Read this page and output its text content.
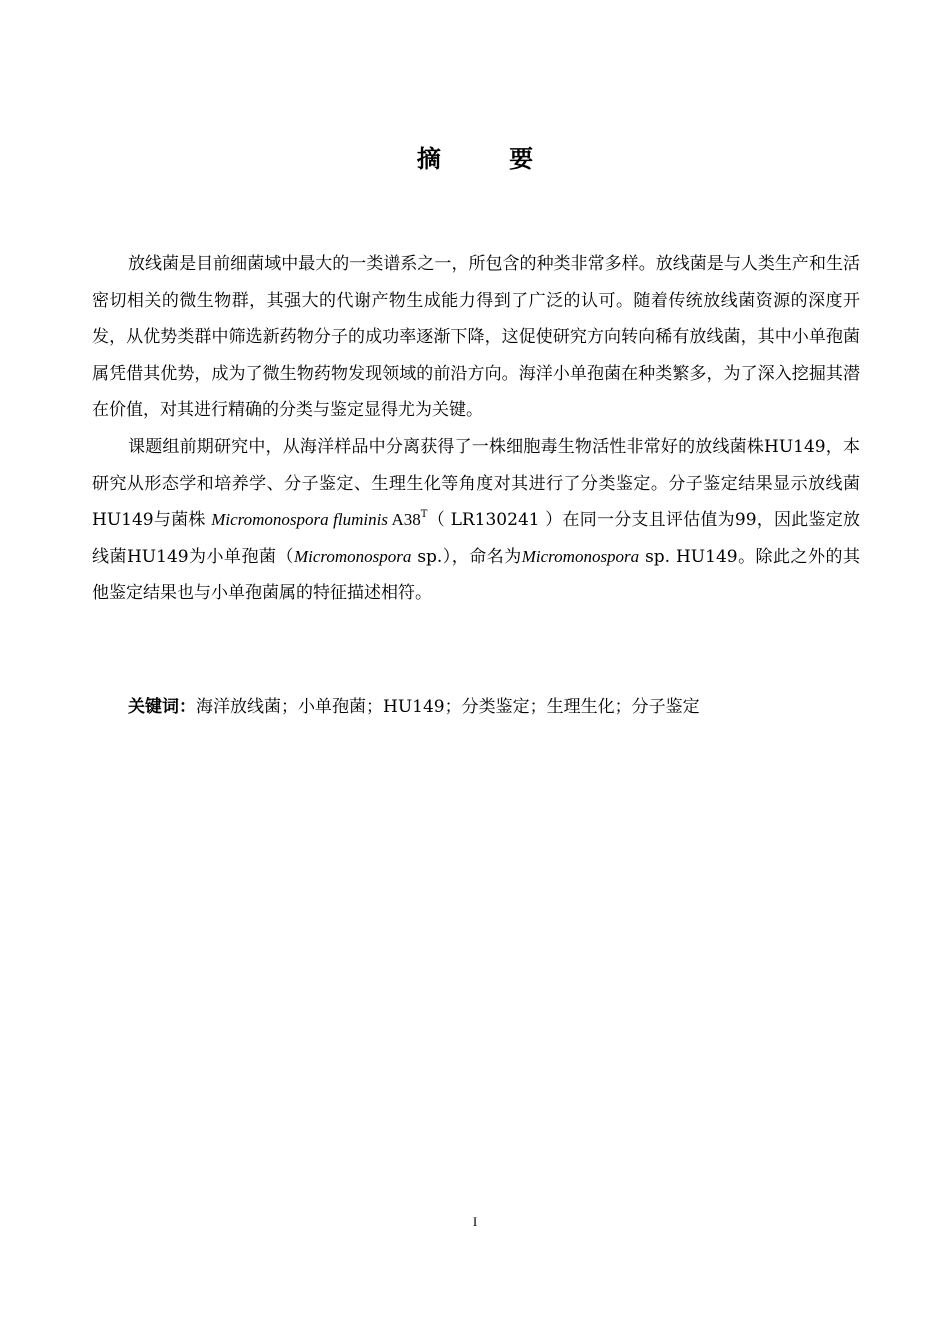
摘 要

放线菌是目前细菌域中最大的一类谱系之一，所包含的种类非常多样。放线菌是与人类生产和生活密切相关的微生物群，其强大的代谢产物生成能力得到了广泛的认可。随着传统放线菌资源的深度开发，从优势类群中筛选新药物分子的成功率逐渐下降，这促使研究方向转向稀有放线菌，其中小单孢菌属凭借其优势，成为了微生物药物发现领域的前沿方向。海洋小单孢菌在种类繁多，为了深入挖掘其潜在价值，对其进行精确的分类与鉴定显得尤为关键。

课题组前期研究中，从海洋样品中分离获得了一株细胞毒生物活性非常好的放线菌株HU149，本研究从形态学和培养学、分子鉴定、生理生化等角度对其进行了分类鉴定。分子鉴定结果显示放线菌HU149与菌株 Micromonospora fluminis $A38^T$（ LR130241 ）在同一分支且评估值为99，因此鉴定放线菌HU149为小单孢菌（Micromonospora sp.），命名为Micromonospora sp. HU149。除此之外的其他鉴定结果也与小单孢菌属的特征描述相符。

关键词：海洋放线菌；小单孢菌；HU149；分类鉴定；生理生化；分子鉴定
I
